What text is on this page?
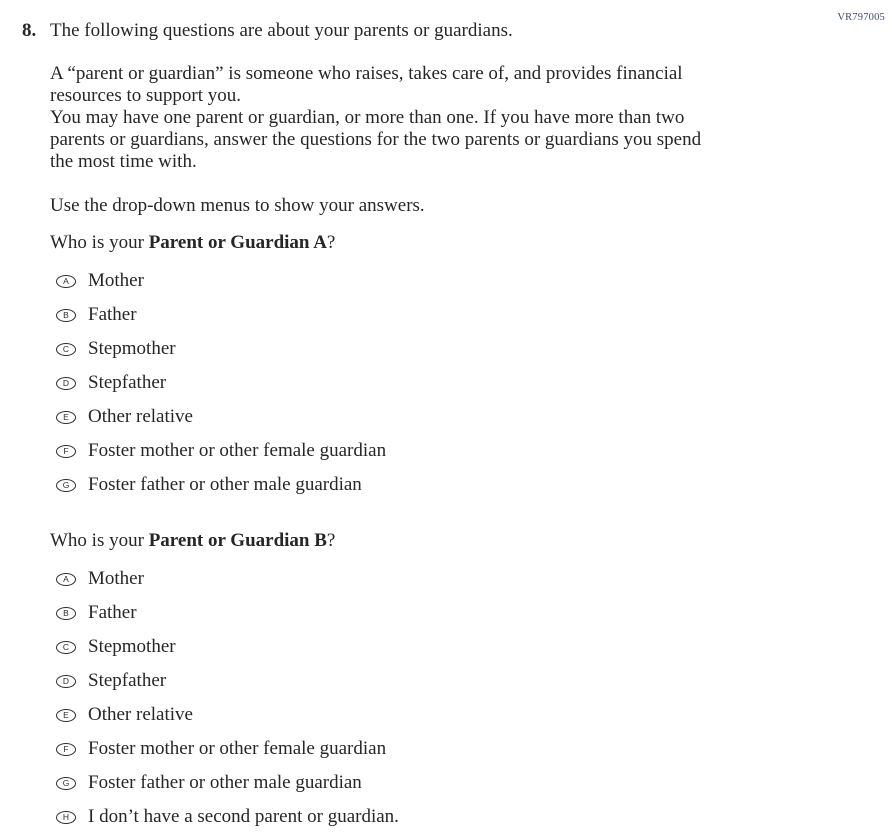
VR797005
8. The following questions are about your parents or guardians.
A “parent or guardian” is someone who raises, takes care of, and provides financial
resources to support you.
You may have one parent or guardian, or more than one. If you have more than two
parents or guardians, answer the questions for the two parents or guardians you spend
the most time with.
Use the drop-down menus to show your answers.
Who is your Parent or Guardian A?
A	Mother
B	Father
C Stepmother
D Stepfather
E	Other relative
F	Foster mother or other female guardian
G Foster father or other male guardian
Who is your Parent or Guardian B?
A	Mother
B	Father
C Stepmother
D Stepfather
E	Other relative
F	Foster mother or other female guardian
G Foster father or other male guardian
H I don’t have a second parent or guardian.
